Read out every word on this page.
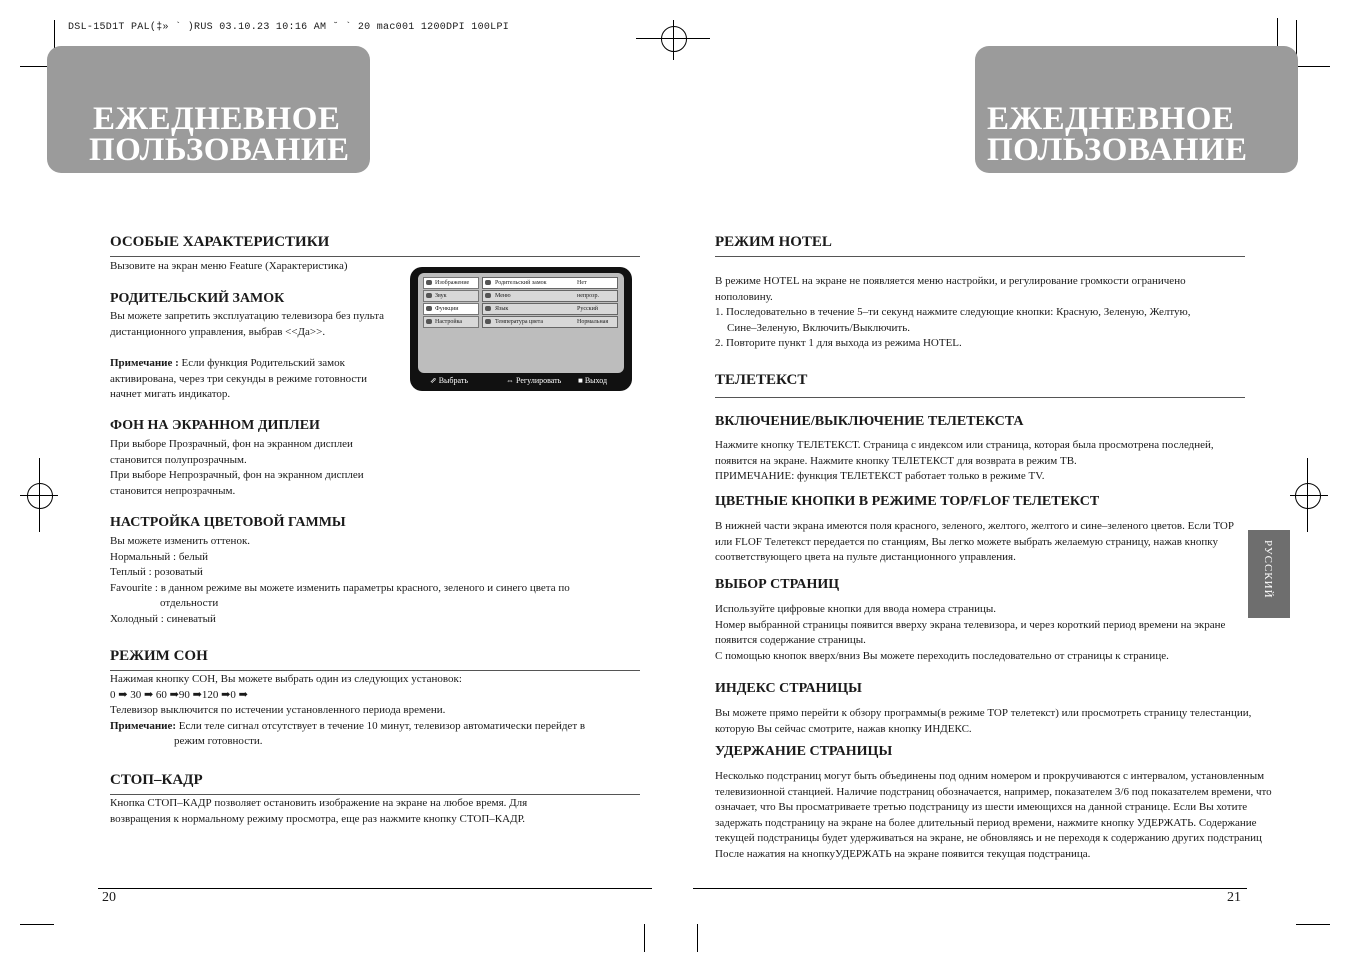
DSL-15D1T PAL(‡» ` )RUS 03.10.23 10:16 AM ˘ ` 20 mac001 1200DPI 100LPI
ЕЖЕДНЕВНОЕ
ПОЛЬЗОВАНИЕ
ЕЖЕДНЕВНОЕ
ПОЛЬЗОВАНИЕ
ОСОБЫЕ ХАРАКТЕРИСТИКИ
Вызовите на экран меню Feature (Характеристика)
РОДИТЕЛЬСКИЙ ЗАМОК
Вы можете запретить эксплуатацию телевизора без пульта
дистанционного управления, выбрав <<Да>>.
Примечание : Если функция Родительский замок
активирована, через три секунды в режиме готовности
начнет мигать индикатор.
ФОН НА ЭКРАННОМ ДИПЛЕИ
При выборе Прозрачный, фон на экранном дисплеи
становится полупрозрачным.
При выборе Непрозрачный, фон на экранном дисплеи
становится непрозрачным.
НАСТРОЙКА ЦВЕТОВОЙ ГАММЫ
Вы можете изменить оттенок.
Нормальный : белый
Теплый : розоватый
Favourite : в данном режиме вы можете изменить параметры красного, зеленого и синего цвета по
отдельности
Холодный : синеватый
РЕЖИМ СОН
Нажимая кнопку СОН, Вы можете выбрать один из следующих установок:
0 ➡ 30 ➡ 60 ➡90 ➡120 ➡0 ➡
Телевизор выключится по истечении установленного периода времени.
Примечание: Если теле сигнал отсутствует в течение 10 минут, телевизор автоматически перейдет в
режим готовности.
СТОП–КАДР
Кнопка СТОП–КАДР позволяет остановить изображение на экране на любое время. Для
возвращения к нормальному режиму просмотра, еще раз нажмите кнопку СТОП–КАДР.
20
Изображение
Звук
Функции
Настройка
Родительский замок	Нет
Меню	непрозр.
Язык	Русский
Температура цвета	Нормальная
⇗ Выбрать	⇔ Регулировать ■ Выход
РЕЖИМ HOTEL
В режиме HOTEL на экране не появляется меню настройки, и регулирование громкости ограничено
нополовину.
1. Последовательно в течение 5–ти секунд нажмите следующие кнопки: Красную, Зеленую, Желтую,
Сине–Зеленую, Включить/Выключить.
2. Повторите пункт 1 для выхода из режима HOTEL.
ТЕЛЕТЕКСТ
ВКЛЮЧЕНИЕ/ВЫКЛЮЧЕНИЕ ТЕЛЕТЕКСТА
Нажмите кнопку ТЕЛЕТЕКСТ. Страница с индексом или страница, которая была просмотрена последней,
появится на экране. Нажмите кнопку ТЕЛЕТЕКСТ для возврата в режим ТВ.
ПРИМЕЧАНИЕ: функция ТЕЛЕТЕКСТ работает только в режиме TV.
ЦВЕТНЫЕ КНОПКИ В РЕЖИМЕ TOP/FLOF ТЕЛЕТЕКСТ
В нижней части экрана имеются поля красного, зеленого, желтого, желтого и сине–зеленого цветов. Если ТОР
или FLOF Телетекст передается по станциям, Вы легко можете выбрать желаемую страницу, нажав кнопку
соответствующего цвета на пульте дистанционного управления.
ВЫБОР СТРАНИЦ
Используйте цифровые кнопки для ввода номера страницы.
Номер выбранной страницы появится вверху экрана телевизора, и через короткий период времени на экране
появится содержание страницы.
С помощью кнопок вверх/вниз Вы можете переходить последовательно от страницы к странице.
ИНДЕКС СТРАНИЦЫ
Вы можете прямо перейти к обзору программы(в режиме ТОР телетекст) или просмотреть страницу телестанции,
которую Вы сейчас смотрите, нажав кнопку ИНДЕКС.
УДЕРЖАНИЕ СТРАНИЦЫ
Несколько подстраниц могут быть объединены под одним номером и прокручиваются с интервалом, установленным
телевизионной станцией. Наличие подстраниц обозначается, например, показателем 3/6 под показателем времени, что
означает, что Вы просматриваете третью подстраницу из шести имеющихся на данной странице. Если Вы хотите
задержать подстраницу на экране на более длительный период времени, нажмите кнопку УДЕРЖАТЬ. Содержание
текущей подстраницы будет удерживаться на экране, не обновляясь и не переходя к содержанию других подстраниц
После нажатия на кнопкуУДЕРЖАТЬ на экране появится текущая подстраница.
21
РУССКИЙ
